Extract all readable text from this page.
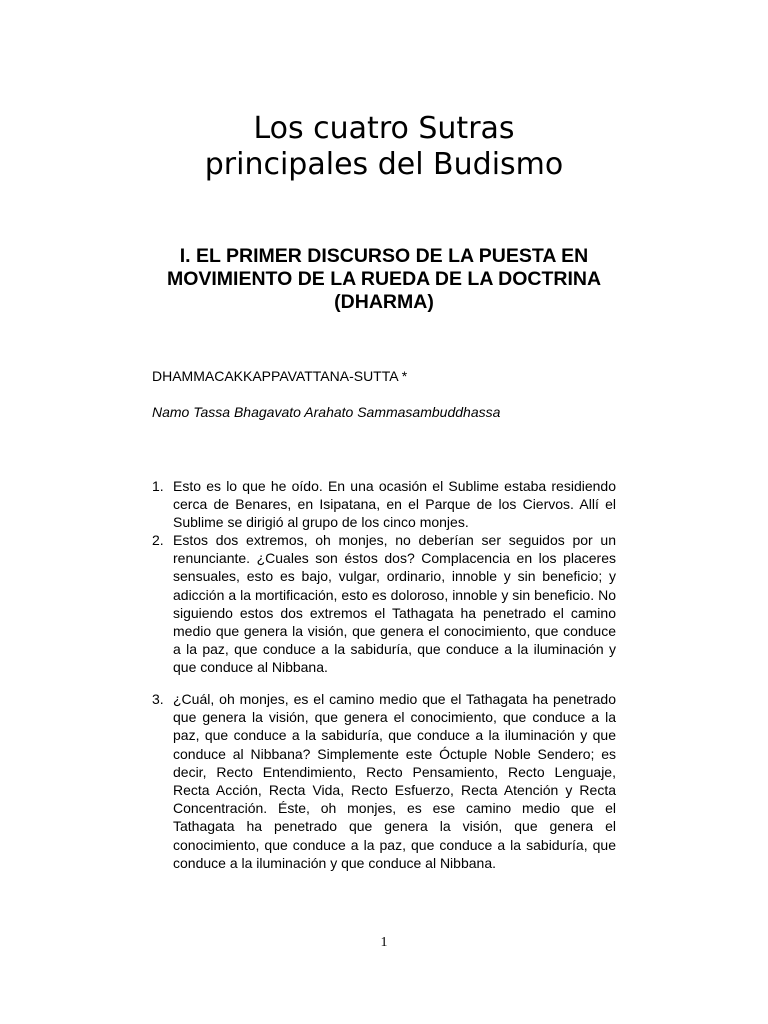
Los cuatro Sutras
principales del Budismo
I. EL PRIMER DISCURSO DE LA PUESTA EN
MOVIMIENTO DE LA RUEDA DE LA DOCTRINA
(DHARMA)

DHAMMACAKKAPPAVATTANA-SUTTA *

Namo Tassa Bhagavato Arahato Sammasambuddhassa

1. Esto es lo que he oído. En una ocasión el Sublime estaba residiendo cerca de Benares, en Isipatana, en el Parque de los Ciervos. Allí el Sublime se dirigió al grupo de los cinco monjes.

2. Estos dos extremos, oh monjes, no deberían ser seguidos por un renunciante. ¿Cuales son éstos dos? Complacencia en los placeres sensuales, esto es bajo, vulgar, ordinario, innoble y sin beneficio; y adicción a la mortificación, esto es doloroso, innoble y sin beneficio. No siguiendo estos dos extremos el Tathagata ha penetrado el camino medio que genera la visión, que genera el conocimiento, que conduce a la paz, que conduce a la sabiduría, que conduce a la iluminación y que conduce al Nibbana.

3. ¿Cuál, oh monjes, es el camino medio que el Tathagata ha penetrado que genera la visión, que genera el conocimiento, que conduce a la paz, que conduce a la sabiduría, que conduce a la iluminación y que conduce al Nibbana? Simplemente este Óctuple Noble Sendero; es decir, Recto Entendimiento, Recto Pensamiento, Recto Lenguaje, Recta Acción, Recta Vida, Recto Esfuerzo, Recta Atención y Recta Concentración. Éste, oh monjes, es ese camino medio que el Tathagata ha penetrado que genera la visión, que genera el conocimiento, que conduce a la paz, que conduce a la sabiduría, que conduce a la iluminación y que conduce al Nibbana.

1
